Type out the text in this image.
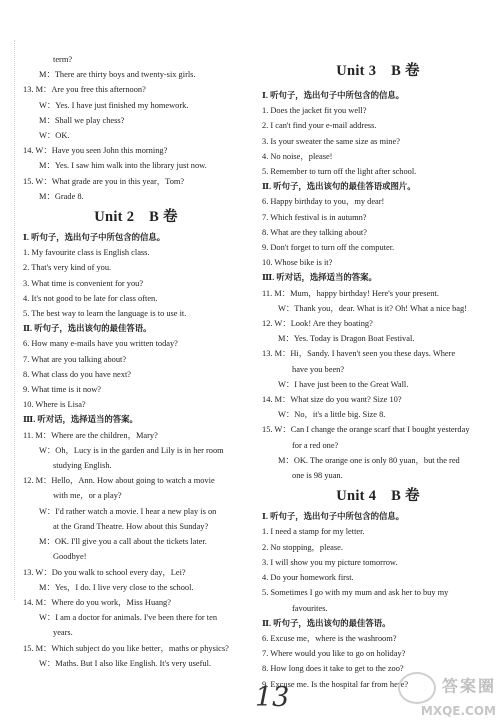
term?
M：There are thirty boys and twenty-six girls.
13. M：Are you free this afternoon?
W：Yes. I have just finished my homework.
M：Shall we play chess?
W：OK.
14. W：Have you seen John this morning?
M：Yes. I saw him walk into the library just now.
15. W：What grade are you in this year，Tom?
M：Grade 8.
Unit 2　B 卷
Ⅰ. 听句子，选出句子中所包含的信息。
1. My favourite class is English class.
2. That's very kind of you.
3. What time is convenient for you?
4. It's not good to be late for class often.
5. The best way to learn the language is to use it.
Ⅱ. 听句子，选出该句的最佳答语。
6. How many e-mails have you written today?
7. What are you talking about?
8. What class do you have next?
9. What time is it now?
10. Where is Lisa?
Ⅲ. 听对话，选择适当的答案。
11. M：Where are the children，Mary?
W：Oh，Lucy is in the garden and Lily is in her room
studying English.
12. M：Hello，Ann. How about going to watch a movie
with me，or a play?
W：I'd rather watch a movie. I hear a new play is on
at the Grand Theatre. How about this Sunday?
M：OK. I'll give you a call about the tickets later.
Goodbye!
13. W：Do you walk to school every day，Lei?
M：Yes，I do. I live very close to the school.
14. M：Where do you work，Miss Huang?
W：I am a doctor for animals. I've been there for ten
years.
15. M：Which subject do you like better，maths or physics?
W：Maths. But I also like English. It's very useful.
Unit 3　B 卷
Ⅰ. 听句子，选出句子中所包含的信息。
1. Does the jacket fit you well?
2. I can't find your e-mail address.
3. Is your sweater the same size as mine?
4. No noise，please!
5. Remember to turn off the light after school.
Ⅱ. 听句子，选出该句的最佳答语或图片。
6. Happy birthday to you，my dear!
7. Which festival is in autumn?
8. What are they talking about?
9. Don't forget to turn off the computer.
10. Whose bike is it?
Ⅲ. 听对话，选择适当的答案。
11. M：Mum，happy birthday! Here's your present.
W：Thank you，dear. What is it? Oh! What a nice bag!
12. W：Look! Are they boating?
M：Yes. Today is Dragon Boat Festival.
13. M：Hi，Sandy. I haven't seen you these days. Where
have you been?
W：I have just been to the Great Wall.
14. M：What size do you want? Size 10?
W：No，it's a little big. Size 8.
15. W：Can I change the orange scarf that I bought yesterday
for a red one?
M：OK. The orange one is only 80 yuan，but the red
one is 98 yuan.
Unit 4　B 卷
Ⅰ. 听句子，选出句子中所包含的信息。
1. I need a stamp for my letter.
2. No stopping，please.
3. I will show you my picture tomorrow.
4. Do your homework first.
5. Sometimes I go with my mum and ask her to buy my
favourites.
Ⅱ. 听句子，选出该句的最佳答语。
6. Excuse me，where is the washroom?
7. Where would you like to go on holiday?
8. How long does it take to get to the zoo?
9. Excuse me. Is the hospital far from here?
13	答案圈
MXQE.COM
